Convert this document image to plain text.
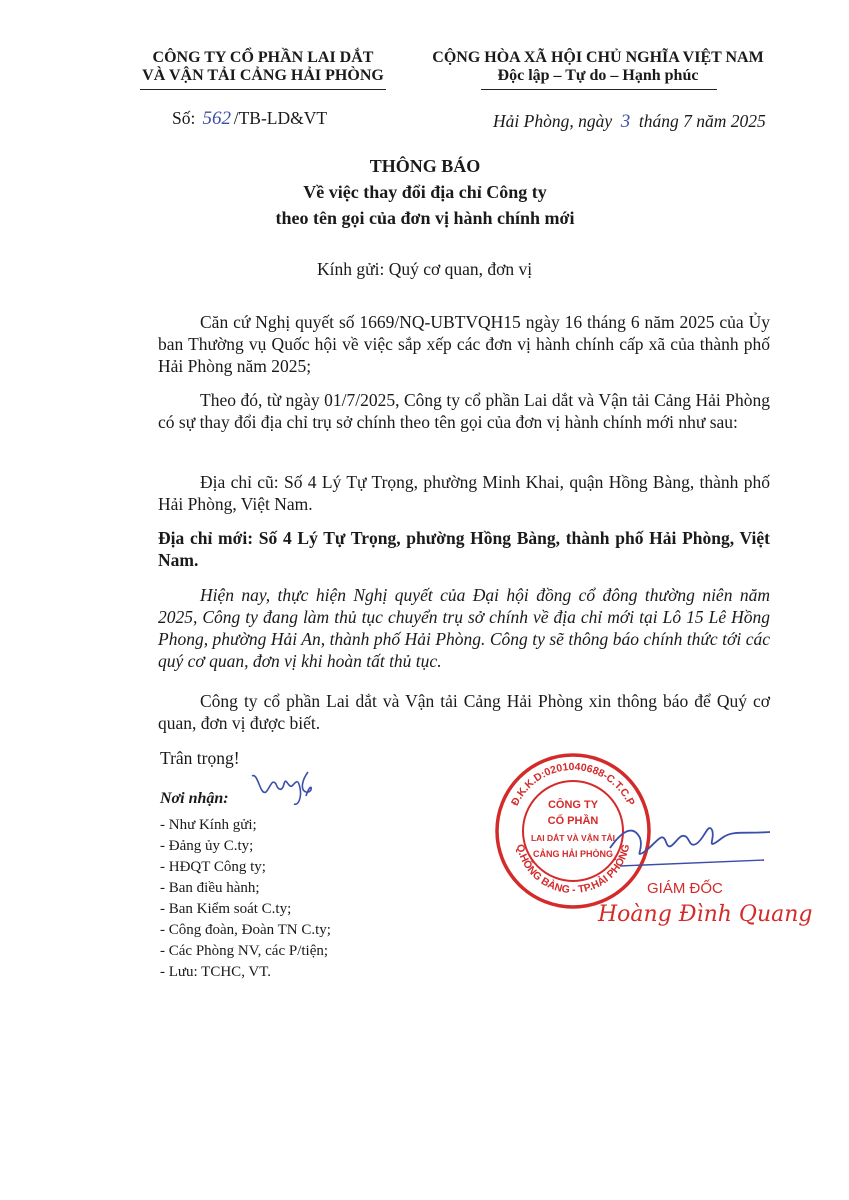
CÔNG TY CỔ PHẦN LAI DẮT
VÀ VẬN TẢI CẢNG HẢI PHÒNG
CỘNG HÒA XÃ HỘI CHỦ NGHĨA VIỆT NAM
Độc lập – Tự do – Hạnh phúc
Số: 562 /TB-LD&VT	Hải Phòng, ngày 3 tháng 7 năm 2025
THÔNG BÁO
Về việc thay đổi địa chỉ Công ty
theo tên gọi của đơn vị hành chính mới
Kính gửi: Quý cơ quan, đơn vị
Căn cứ Nghị quyết số 1669/NQ-UBTVQH15 ngày 16 tháng 6 năm 2025 của Ủy ban Thường vụ Quốc hội về việc sắp xếp các đơn vị hành chính cấp xã của thành phố Hải Phòng năm 2025;
Theo đó, từ ngày 01/7/2025, Công ty cổ phần Lai dắt và Vận tải Cảng Hải Phòng có sự thay đổi địa chỉ trụ sở chính theo tên gọi của đơn vị hành chính mới như sau:
Địa chỉ cũ: Số 4 Lý Tự Trọng, phường Minh Khai, quận Hồng Bàng, thành phố Hải Phòng, Việt Nam.
Địa chỉ mới: Số 4 Lý Tự Trọng, phường Hồng Bàng, thành phố Hải Phòng, Việt Nam.
Hiện nay, thực hiện Nghị quyết của Đại hội đồng cổ đông thường niên năm 2025, Công ty đang làm thủ tục chuyển trụ sở chính về địa chỉ mới tại Lô 15 Lê Hồng Phong, phường Hải An, thành phố Hải Phòng. Công ty sẽ thông báo chính thức tới các quý cơ quan, đơn vị khi hoàn tất thủ tục.
Công ty cổ phần Lai dắt và Vận tải Cảng Hải Phòng xin thông báo để Quý cơ quan, đơn vị được biết.
Trân trọng!
Nơi nhận:
- Như Kính gửi;
- Đảng ủy C.ty;
- HĐQT Công ty;
- Ban điều hành;
- Ban Kiểm soát C.ty;
- Công đoàn, Đoàn TN C.ty;
- Các Phòng NV, các P/tiện;
- Lưu: TCHC, VT.
Đ.K.K.D:0201040688-C.T.C.P
Q.HỒNG BÀNG - TP.HẢI PHÒNG
CÔNG TY
CỔ PHẦN
LAI DẮT VÀ VẬN TẢI
CẢNG HẢI PHÒNG
GIÁM ĐỐC
Hoàng Đình Quang
